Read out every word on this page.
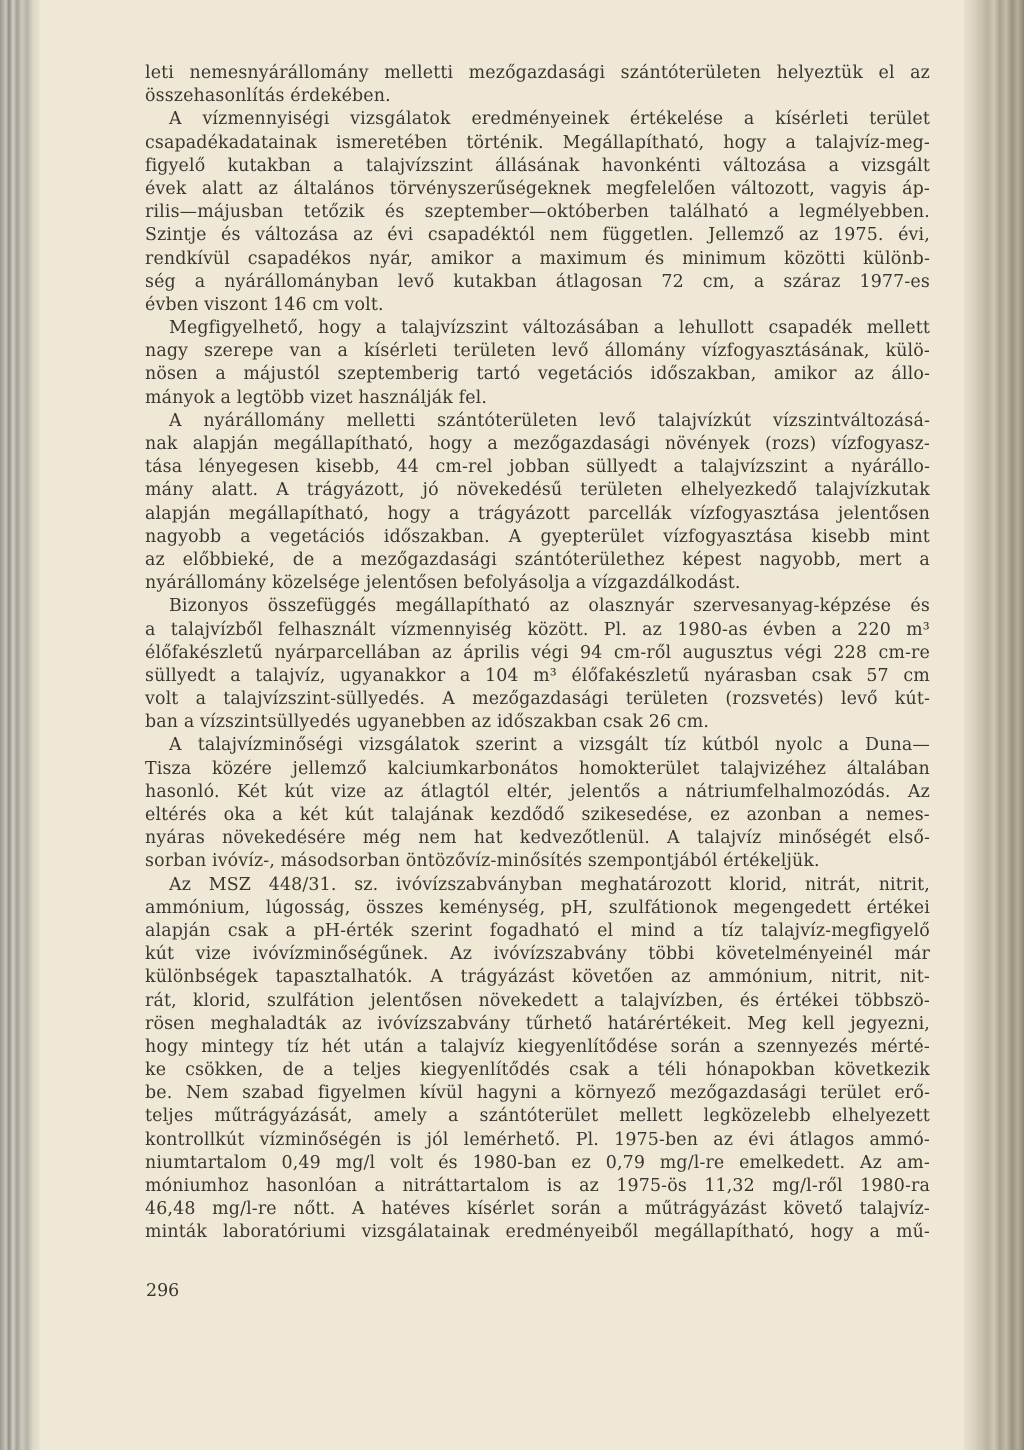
leti nemesnyárállomány melletti mezőgazdasági szántóterületen helyeztük el az
összehasonlítás érdekében.
A vízmennyiségi vizsgálatok eredményeinek értékelése a kísérleti terület
csapadékadatainak ismeretében történik. Megállapítható, hogy a talajvíz-meg-
figyelő kutakban a talajvízszint állásának havonkénti változása a vizsgált
évek alatt az általános törvényszerűségeknek megfelelően változott, vagyis áp-
rilis—májusban tetőzik és szeptember—októberben található a legmélyebben.
Szintje és változása az évi csapadéktól nem független. Jellemző az 1975. évi,
rendkívül csapadékos nyár, amikor a maximum és minimum közötti különb-
ség a nyárállományban levő kutakban átlagosan 72 cm, a száraz 1977-es
évben viszont 146 cm volt.
Megfigyelhető, hogy a talajvízszint változásában a lehullott csapadék mellett
nagy szerepe van a kísérleti területen levő állomány vízfogyasztásának, külö-
nösen a májustól szeptemberig tartó vegetációs időszakban, amikor az állo-
mányok a legtöbb vizet használják fel.
A nyárállomány melletti szántóterületen levő talajvízkút vízszintváltozásá-
nak alapján megállapítható, hogy a mezőgazdasági növények (rozs) vízfogyasz-
tása lényegesen kisebb, 44 cm-rel jobban süllyedt a talajvízszint a nyárállo-
mány alatt. A trágyázott, jó növekedésű területen elhelyezkedő talajvízkutak
alapján megállapítható, hogy a trágyázott parcellák vízfogyasztása jelentősen
nagyobb a vegetációs időszakban. A gyepterület vízfogyasztása kisebb mint
az előbbieké, de a mezőgazdasági szántóterülethez képest nagyobb, mert a
nyárállomány közelsége jelentősen befolyásolja a vízgazdálkodást.
Bizonyos összefüggés megállapítható az olasznyár szervesanyag-képzése és
a talajvízből felhasznált vízmennyiség között. Pl. az 1980-as évben a 220 m³
élőfakészletű nyárparcellában az április végi 94 cm-ről augusztus végi 228 cm-re
süllyedt a talajvíz, ugyanakkor a 104 m³ élőfakészletű nyárasban csak 57 cm
volt a talajvízszint-süllyedés. A mezőgazdasági területen (rozsvetés) levő kút-
ban a vízszintsüllyedés ugyanebben az időszakban csak 26 cm.
A talajvízminőségi vizsgálatok szerint a vizsgált tíz kútból nyolc a Duna—
Tisza közére jellemző kalciumkarbonátos homokterület talajvizéhez általában
hasonló. Két kút vize az átlagtól eltér, jelentős a nátriumfelhalmozódás. Az
eltérés oka a két kút talajának kezdődő szikesedése, ez azonban a nemes-
nyáras növekedésére még nem hat kedvezőtlenül. A talajvíz minőségét első-
sorban ivóvíz-, másodsorban öntözővíz-minősítés szempontjából értékeljük.
Az MSZ 448/31. sz. ivóvízszabványban meghatározott klorid, nitrát, nitrit,
ammónium, lúgosság, összes keménység, pH, szulfátionok megengedett értékei
alapján csak a pH-érték szerint fogadható el mind a tíz talajvíz-megfigyelő
kút vize ivóvízminőségűnek. Az ivóvízszabvány többi követelményeinél már
különbségek tapasztalhatók. A trágyázást követően az ammónium, nitrit, nit-
rát, klorid, szulfátion jelentősen növekedett a talajvízben, és értékei többszö-
rösen meghaladták az ivóvízszabvány tűrhető határértékeit. Meg kell jegyezni,
hogy mintegy tíz hét után a talajvíz kiegyenlítődése során a szennyezés mérté-
ke csökken, de a teljes kiegyenlítődés csak a téli hónapokban következik
be. Nem szabad figyelmen kívül hagyni a környező mezőgazdasági terület erő-
teljes műtrágyázását, amely a szántóterület mellett legközelebb elhelyezett
kontrollkút vízminőségén is jól lemérhető. Pl. 1975-ben az évi átlagos ammó-
niumtartalom 0,49 mg/l volt és 1980-ban ez 0,79 mg/l-re emelkedett. Az am-
móniumhoz hasonlóan a nitráttartalom is az 1975-ös 11,32 mg/l-ről 1980-ra
46,48 mg/l-re nőtt. A hatéves kísérlet során a műtrágyázást követő talajvíz-
minták laboratóriumi vizsgálatainak eredményeiből megállapítható, hogy a mű-
296
